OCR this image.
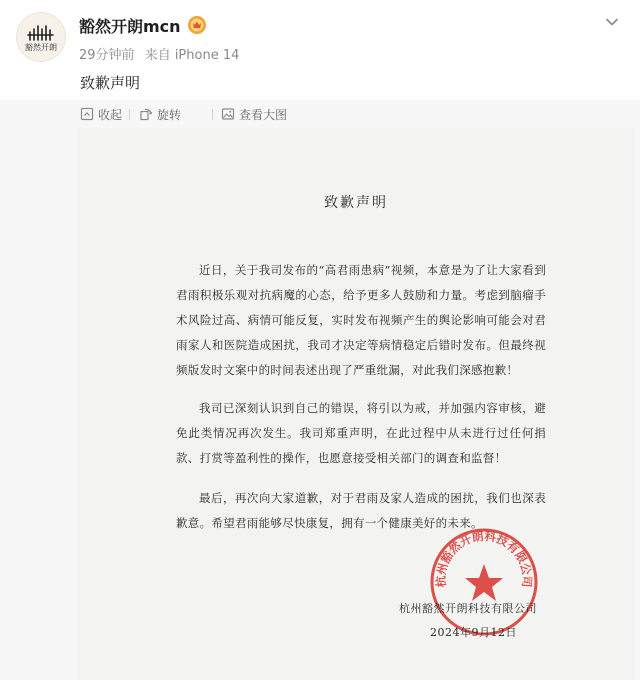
豁然开朗
豁然开朗mcn
29分钟前 来自 iPhone 14
致歉声明
收起	旋转	查看大图
致歉声明

近日，关于我司发布的“高君雨患病”视频，本意是为了让大家看到君雨积极乐观对抗病魔的心态，给予更多人鼓励和力量。考虑到脑瘤手术风险过高、病情可能反复，实时发布视频产生的舆论影响可能会对君雨家人和医院造成困扰，我司才决定等病情稳定后错时发布。但最终视频版发时文案中的时间表述出现了严重纰漏，对此我们深感抱歉！

我司已深刻认识到自己的错误，将引以为戒，并加强内容审核，避免此类情况再次发生。我司郑重声明，在此过程中从未进行过任何捐款、打赏等盈利性的操作，也愿意接受相关部门的调查和监督！

最后，再次向大家道歉，对于君雨及家人造成的困扰，我们也深表歉意。希望君雨能够尽快康复，拥有一个健康美好的未来。

杭州豁然开朗科技有限公司
杭州豁然开朗科技有限公司
2024年9月12日
